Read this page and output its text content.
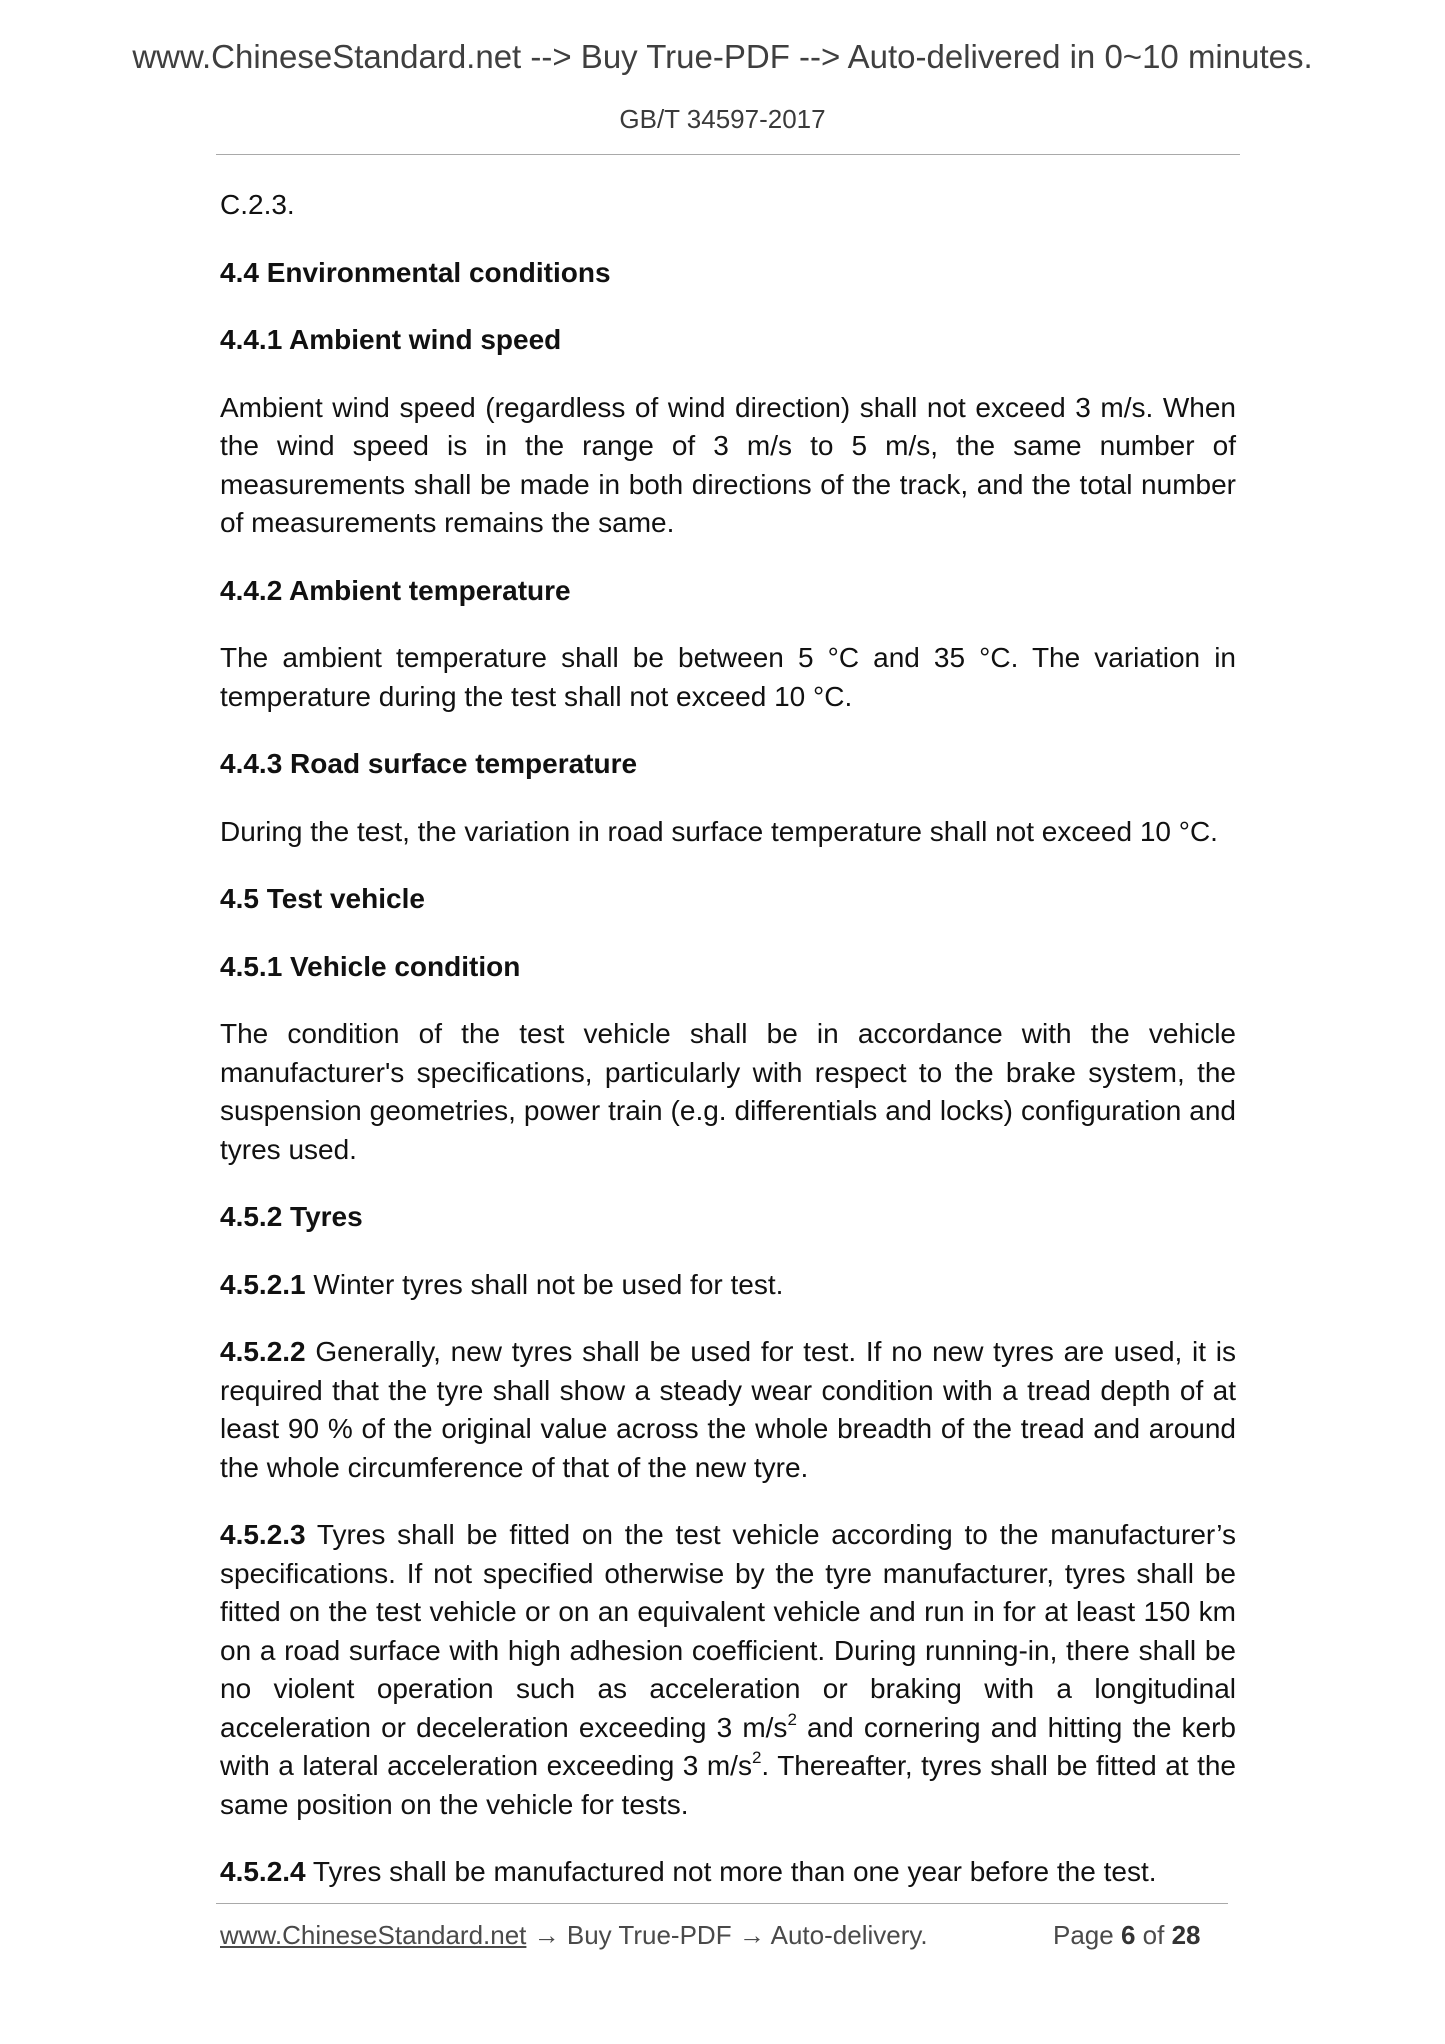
www.ChineseStandard.net --> Buy True-PDF --> Auto-delivered in 0~10 minutes.
GB/T 34597-2017

C.2.3.

4.4 Environmental conditions

4.4.1 Ambient wind speed

Ambient wind speed (regardless of wind direction) shall not exceed 3 m/s. When the wind speed is in the range of 3 m/s to 5 m/s, the same number of measurements shall be made in both directions of the track, and the total number of measurements remains the same.

4.4.2 Ambient temperature

The ambient temperature shall be between 5 °C and 35 °C. The variation in temperature during the test shall not exceed 10 °C.

4.4.3 Road surface temperature

During the test, the variation in road surface temperature shall not exceed 10 °C.

4.5 Test vehicle

4.5.1 Vehicle condition

The condition of the test vehicle shall be in accordance with the vehicle manufacturer's specifications, particularly with respect to the brake system, the suspension geometries, power train (e.g. differentials and locks) configuration and tyres used.

4.5.2 Tyres

4.5.2.1 Winter tyres shall not be used for test.

4.5.2.2 Generally, new tyres shall be used for test. If no new tyres are used, it is required that the tyre shall show a steady wear condition with a tread depth of at least 90 % of the original value across the whole breadth of the tread and around the whole circumference of that of the new tyre.

4.5.2.3 Tyres shall be fitted on the test vehicle according to the manufacturer’s specifications. If not specified otherwise by the tyre manufacturer, tyres shall be fitted on the test vehicle or on an equivalent vehicle and run in for at least 150 km on a road surface with high adhesion coefficient. During running-in, there shall be no violent operation such as acceleration or braking with a longitudinal acceleration or deceleration exceeding 3 $m/s^2$ and cornering and hitting the kerb with a lateral acceleration exceeding 3 $m/s^2$. Thereafter, tyres shall be fitted at the same position on the vehicle for tests.

4.5.2.4 Tyres shall be manufactured not more than one year before the test.

www.ChineseStandard.net → Buy True-PDF → Auto-delivery.	Page 6 of 28
